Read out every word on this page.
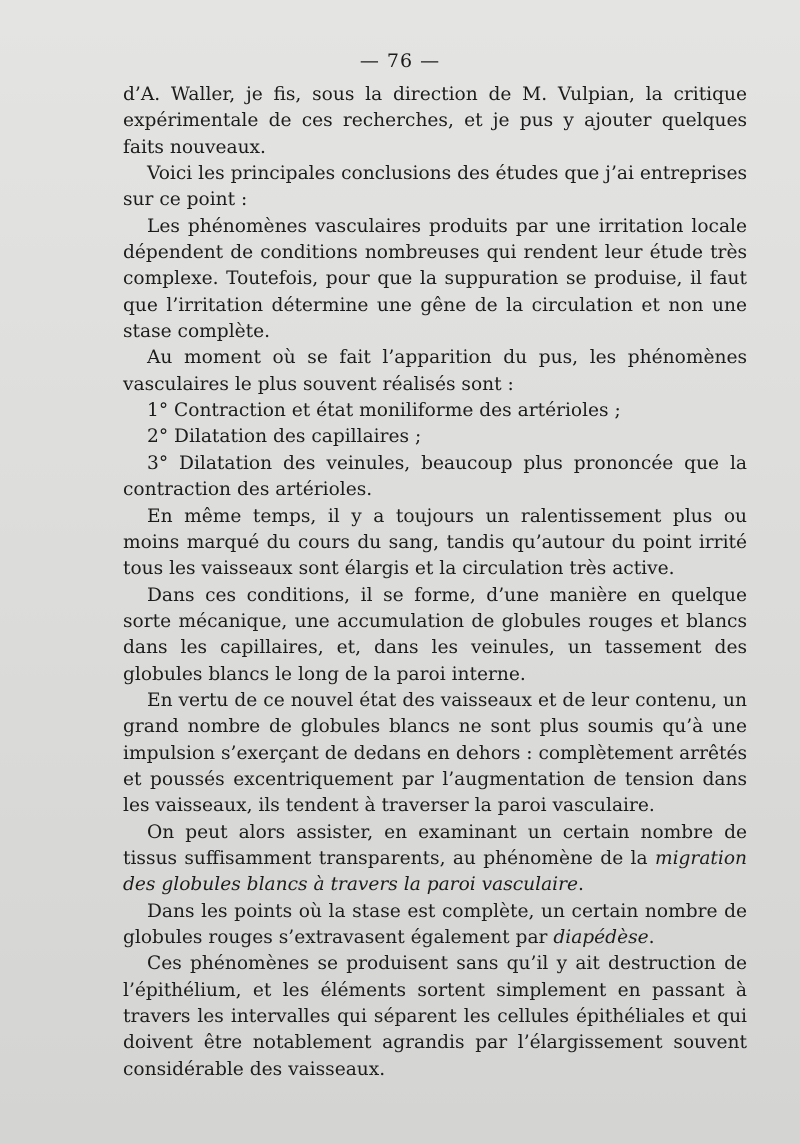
— 76 —

d’A. Waller, je fis, sous la direction de M. Vulpian, la critique expérimentale de ces recherches, et je pus y ajouter quelques faits nouveaux.

Voici les principales conclusions des études que j’ai entreprises sur ce point :

Les phénomènes vasculaires produits par une irritation locale dépendent de conditions nombreuses qui rendent leur étude très complexe. Toutefois, pour que la suppuration se produise, il faut que l’irritation détermine une gêne de la circulation et non une stase complète.

Au moment où se fait l’apparition du pus, les phénomènes vasculaires le plus souvent réalisés sont :

1° Contraction et état moniliforme des artérioles ;

2° Dilatation des capillaires ;

3° Dilatation des veinules, beaucoup plus prononcée que la contraction des artérioles.

En même temps, il y a toujours un ralentissement plus ou moins marqué du cours du sang, tandis qu’autour du point irrité tous les vaisseaux sont élargis et la circulation très active.

Dans ces conditions, il se forme, d’une manière en quelque sorte mécanique, une accumulation de globules rouges et blancs dans les capillaires, et, dans les veinules, un tassement des globules blancs le long de la paroi interne.

En vertu de ce nouvel état des vaisseaux et de leur contenu, un grand nombre de globules blancs ne sont plus soumis qu’à une impulsion s’exerçant de dedans en dehors : complètement arrêtés et poussés excentriquement par l’augmentation de tension dans les vaisseaux, ils tendent à traverser la paroi vasculaire.

On peut alors assister, en examinant un certain nombre de tissus suffisamment transparents, au phénomène de la migration des globules blancs à travers la paroi vasculaire.

Dans les points où la stase est complète, un certain nombre de globules rouges s’extravasent également par diapédèse.

Ces phénomènes se produisent sans qu’il y ait destruction de l’épithélium, et les éléments sortent simplement en passant à travers les intervalles qui séparent les cellules épithéliales et qui doivent être notablement agrandis par l’élargissement souvent considérable des vaisseaux.
